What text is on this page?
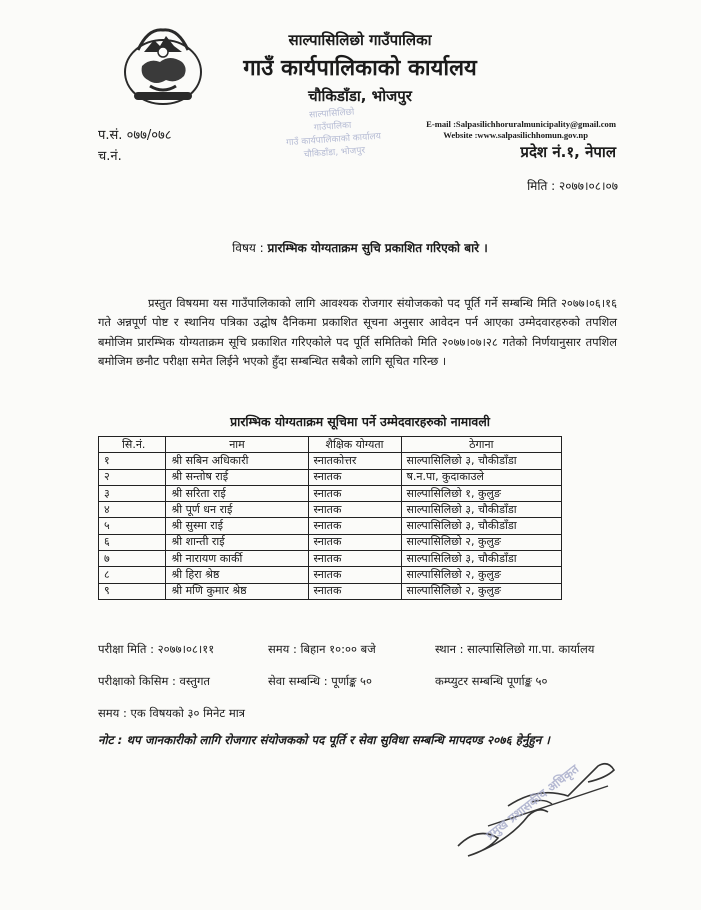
साल्पासिलिछो गाउँपालिका
गाउँ कार्यपालिकाको कार्यालय
चौकिडाँडा, भोजपुर
साल्पासिलिछो
गाउँपालिका
गाउँ कार्यपालिकाको कार्यालय
चौकिडाँडा, भोजपुर
प.सं. ०७७/०७८
च.नं.
E-mail :Salpasilichhoruralmunicipality@gmail.com
Website :www.salpasilichhomun.gov.np
प्रदेश नं.१, नेपाल
मिति : २०७७।०८।०७
विषय : प्रारम्भिक योग्यताक्रम सुचि प्रकाशित गरिएको बारे ।
प्रस्तुत विषयमा यस गाउँपालिकाको लागि आवश्यक रोजगार संयोजकको पद पूर्ति गर्ने सम्बन्धि मिति २०७७।०६।१६ गते अन्नपूर्ण पोष्ट र स्थानिय पत्रिका उद्घोष दैनिकमा प्रकाशित सूचना अनुसार आवेदन पर्न आएका उम्मेदवारहरुको तपशिल बमोजिम प्रारम्भिक योग्यताक्रम सूचि प्रकाशित गरिएकोले पद पूर्ति समितिको मिति २०७७।०७।२८ गतेको निर्णयानुसार तपशिल बमोजिम छनौट परीक्षा समेत लिईने भएको हुँदा सम्बन्धित सबैको लागि सूचित गरिन्छ ।
प्रारम्भिक योग्यताक्रम सूचिमा पर्ने उम्मेदवारहरुको नामावली
सि.नं.	नाम	शैक्षिक योग्यता	ठेगाना
१	श्री सबिन अधिकारी	स्नातकोत्तर	साल्पासिलिछो ३, चौकीडाँडा
२	श्री सन्तोष राई	स्नातक	ष.न.पा, कुदाकाउले
३	श्री सरिता राई	स्नातक	साल्पासिलिछो १, कुलुङ
४	श्री पूर्ण धन राई	स्नातक	साल्पासिलिछो ३, चौकीडाँडा
५	श्री सुस्मा राई	स्नातक	साल्पासिलिछो ३, चौकीडाँडा
६	श्री शान्ती राई	स्नातक	साल्पासिलिछो २, कुलुङ
७	श्री नारायण कार्की	स्नातक	साल्पासिलिछो ३, चौकीडाँडा
८	श्री हिरा श्रेष्ठ	स्नातक	साल्पासिलिछो २, कुलुङ
९	श्री मणि कुमार श्रेष्ठ	स्नातक	साल्पासिलिछो २, कुलुङ
परीक्षा मिति : २०७७।०८।११	समय : बिहान १०:०० बजे	स्थान : साल्पासिलिछो गा.पा. कार्यालय
परीक्षाको किसिम : वस्तुगत	सेवा सम्बन्धि : पूर्णाङ्क ५०	कम्प्युटर सम्बन्धि पूर्णाङ्क ५०
समय : एक विषयको ३० मिनेट मात्र
नोट : थप जानकारीको लागि रोजगार संयोजकको पद पूर्ति र सेवा सुविधा सम्बन्धि मापदण्ड २०७६ हेर्नुहुन ।
प्रमुख प्रशासकीय अधिकृत
